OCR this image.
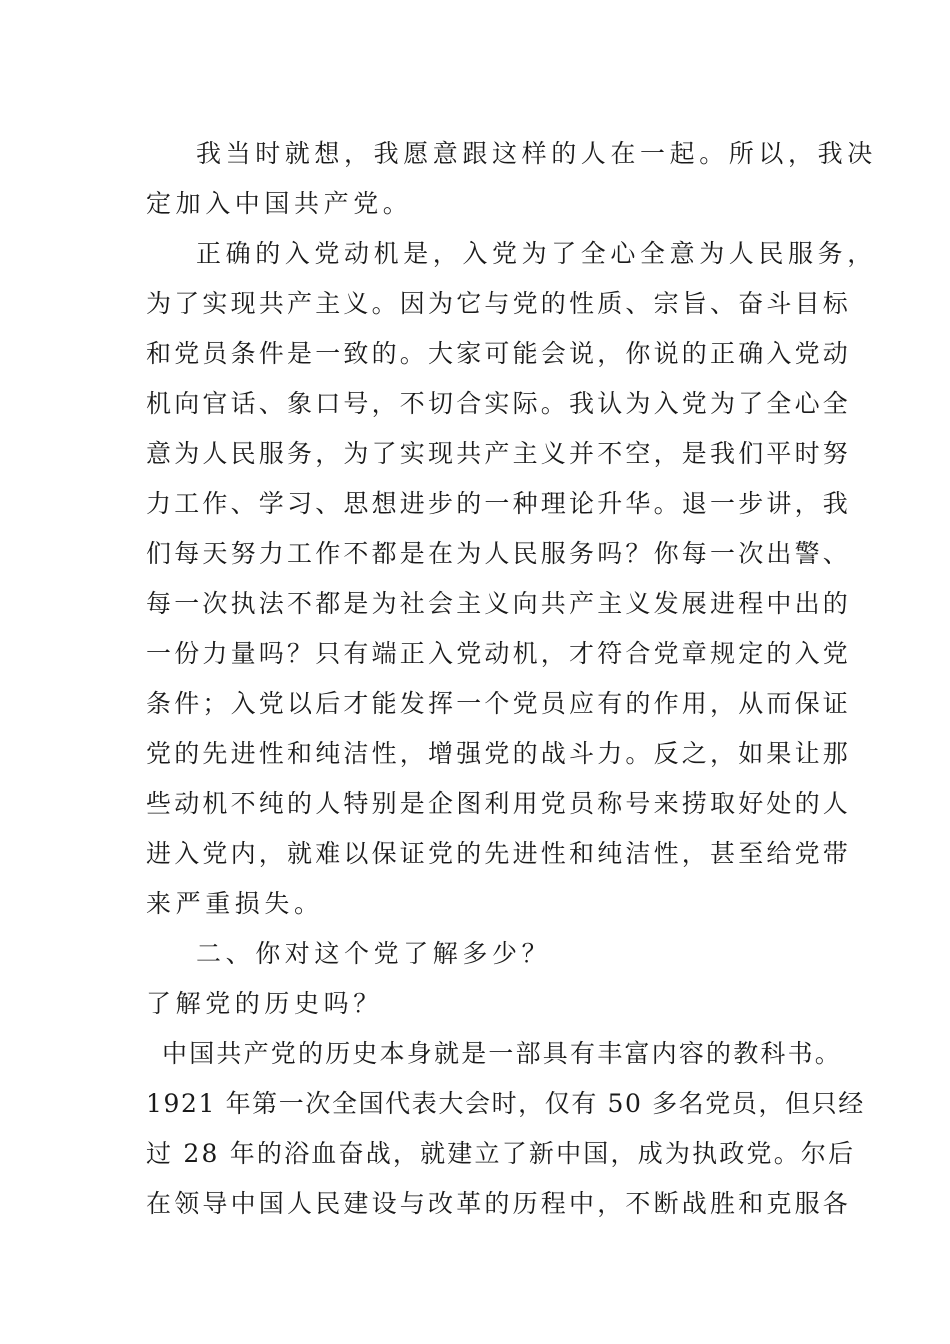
我当时就想，我愿意跟这样的人在一起。所以，我决
定加入中国共产党。
正确的入党动机是，入党为了全心全意为人民服务，
为了实现共产主义。因为它与党的性质、宗旨、奋斗目标
和党员条件是一致的。大家可能会说，你说的正确入党动
机向官话、象口号，不切合实际。我认为入党为了全心全
意为人民服务，为了实现共产主义并不空，是我们平时努
力工作、学习、思想进步的一种理论升华。退一步讲，我
们每天努力工作不都是在为人民服务吗？你每一次出警、
每一次执法不都是为社会主义向共产主义发展进程中出的
一份力量吗？只有端正入党动机，才符合党章规定的入党
条件；入党以后才能发挥一个党员应有的作用，从而保证
党的先进性和纯洁性，增强党的战斗力。反之，如果让那
些动机不纯的人特别是企图利用党员称号来捞取好处的人
进入党内，就难以保证党的先进性和纯洁性，甚至给党带
来严重损失。
二、你对这个党了解多少？
了解党的历史吗？
中国共产党的历史本身就是一部具有丰富内容的教科书。
1921 年第一次全国代表大会时，仅有 50 多名党员，但只经
过 28 年的浴血奋战，就建立了新中国，成为执政党。尔后
在领导中国人民建设与改革的历程中，不断战胜和克服各
